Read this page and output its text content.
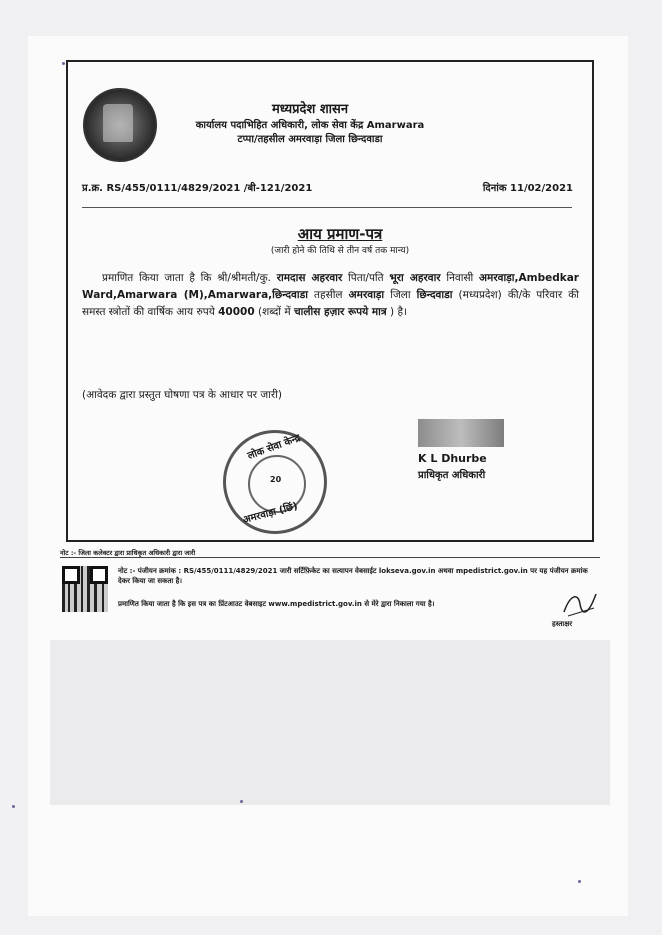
मध्यप्रदेश शासन
कार्यालय पदाभिहित अधिकारी, लोक सेवा केंद्र Amarwara
टप्पा/तहसील अमरवाड़ा जिला छिन्दवाडा
प्र.क्र. RS/455/0111/4829/2021 /बी-121/2021	दिनांक 11/02/2021
आय प्रमाण-पत्र
(जारी होने की तिथि से तीन वर्ष तक मान्य)
प्रमाणित किया जाता है कि श्री/श्रीमती/कु. रामदास अहरवार पिता/पति भूरा अहरवार निवासी अमरवाड़ा,Ambedkar Ward,Amarwara (M),Amarwara,छिन्दवाडा तहसील अमरवाड़ा जिला छिन्दवाडा (मध्यप्रदेश) की/के परिवार की समस्त स्त्रोतों की वार्षिक आय रुपये 40000 (शब्दों में चालीस हज़ार रूपये मात्र ) है।
(आवेदक द्वारा प्रस्तुत घोषणा पत्र के आधार पर जारी)
लोक सेवा केन्द्र
20
अमरवाड़ा (छिं)
K L Dhurbe
प्राधिकृत अधिकारी
नोट :- जिला कलेक्टर द्वारा प्राधिकृत अधिकारी द्वारा जारी
नोट :- पंजीयन क्रमांक : RS/455/0111/4829/2021 जारी सर्टिफ़िकेट का सत्यापन वेबसाईट lokseva.gov.in अथवा mpedistrict.gov.in पर यह पंजीयन क्रमांक देकर किया जा सकता है।
प्रमाणित किया जाता है कि इस पत्र का प्रिंटआउट वेबसाइट www.mpedistrict.gov.in से मेरे द्वारा निकाला गया है।
हस्ताक्षर
